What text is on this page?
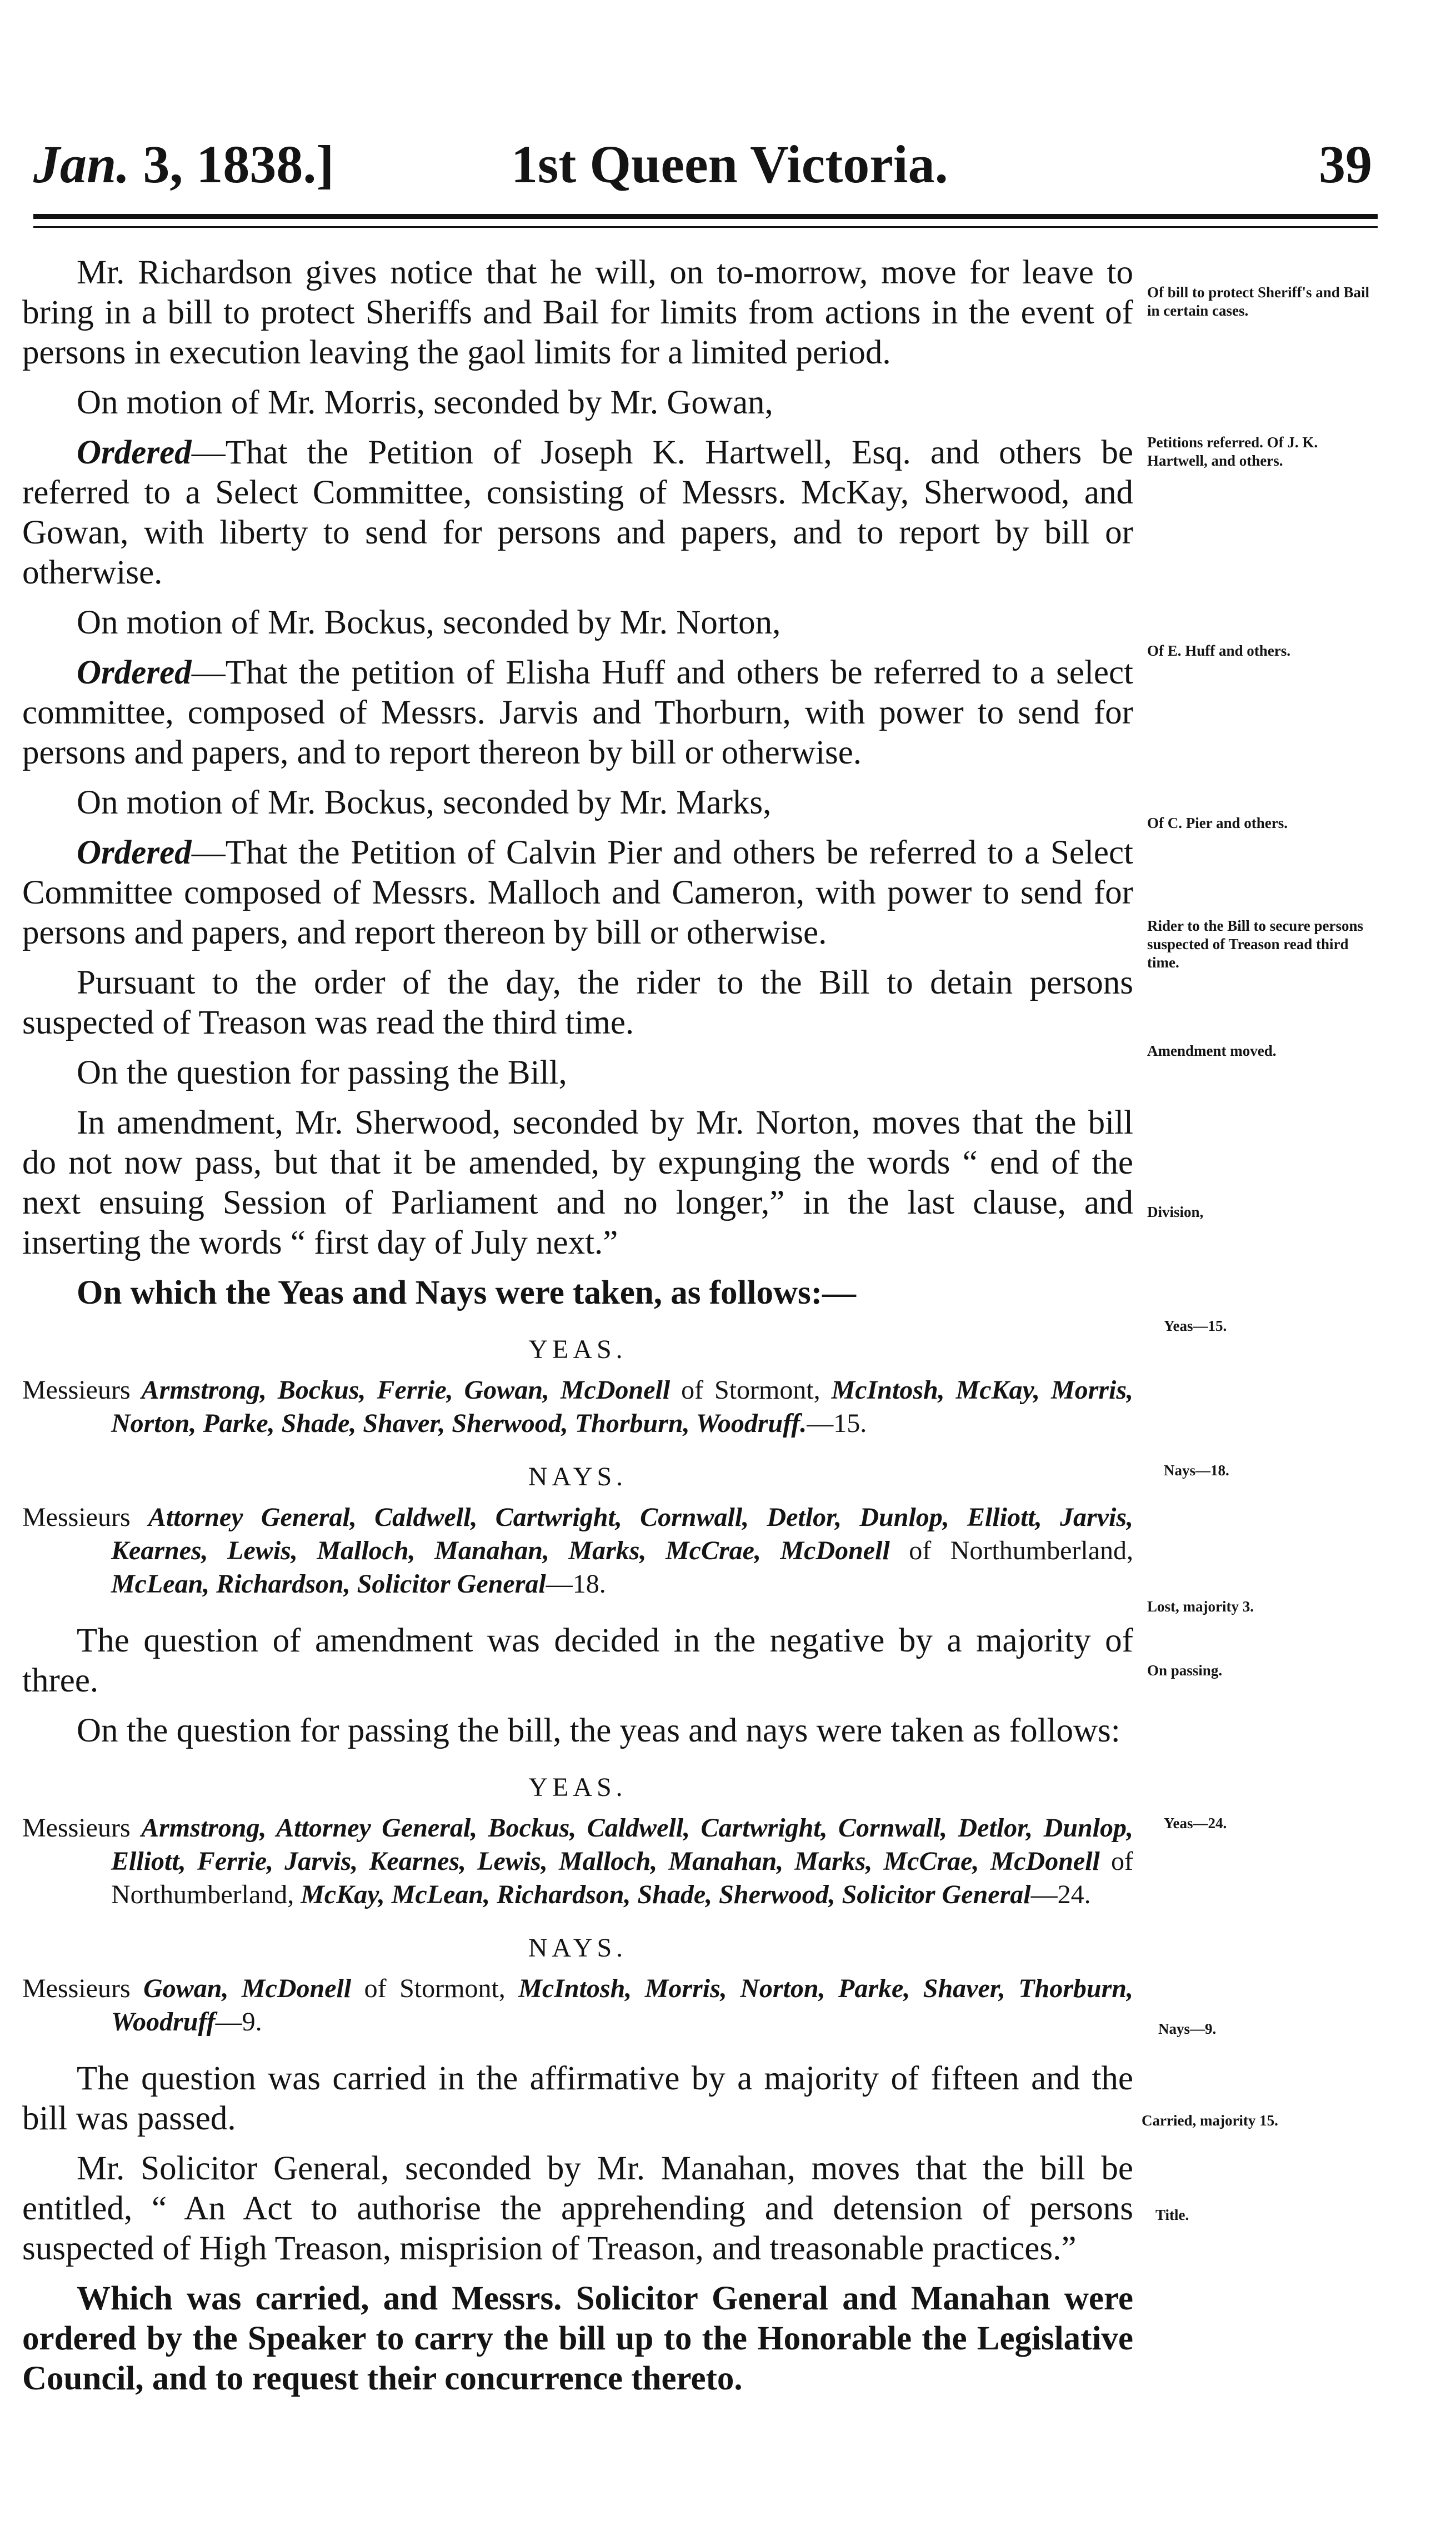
Jan. 3, 1838.]	1st Queen Victoria.	39

Mr. Richardson gives notice that he will, on to-morrow, move for leave to bring in a bill to protect Sheriffs and Bail for limits from actions in the event of persons in execution leaving the gaol limits for a limited period.

On motion of Mr. Morris, seconded by Mr. Gowan,

Ordered—That the Petition of Joseph K. Hartwell, Esq. and others be referred to a Select Committee, consisting of Messrs. McKay, Sherwood, and Gowan, with liberty to send for persons and papers, and to report by bill or otherwise.

On motion of Mr. Bockus, seconded by Mr. Norton,

Ordered—That the petition of Elisha Huff and others be referred to a select committee, composed of Messrs. Jarvis and Thorburn, with power to send for persons and papers, and to report thereon by bill or otherwise.

On motion of Mr. Bockus, seconded by Mr. Marks,

Ordered—That the Petition of Calvin Pier and others be referred to a Select Committee composed of Messrs. Malloch and Cameron, with power to send for persons and papers, and report thereon by bill or otherwise.

Pursuant to the order of the day, the rider to the Bill to detain persons suspected of Treason was read the third time.

On the question for passing the Bill,

In amendment, Mr. Sherwood, seconded by Mr. Norton, moves that the bill do not now pass, but that it be amended, by expunging the words “ end of the next ensuing Session of Parliament and no longer,” in the last clause, and inserting the words “ first day of July next.”

On which the Yeas and Nays were taken, as follows:—

YEAS.

Messieurs Armstrong, Bockus, Ferrie, Gowan, McDonell of Stormont, McIntosh, McKay, Morris, Norton, Parke, Shade, Shaver, Sherwood, Thorburn, Woodruff.—15.

NAYS.

Messieurs Attorney General, Caldwell, Cartwright, Cornwall, Detlor, Dunlop, Elliott, Jarvis, Kearnes, Lewis, Malloch, Manahan, Marks, McCrae, McDonell of Northumberland, McLean, Richardson, Solicitor General—18.

The question of amendment was decided in the negative by a majority of three.

On the question for passing the bill, the yeas and nays were taken as follows:

YEAS.

Messieurs Armstrong, Attorney General, Bockus, Caldwell, Cartwright, Cornwall, Detlor, Dunlop, Elliott, Ferrie, Jarvis, Kearnes, Lewis, Malloch, Manahan, Marks, McCrae, McDonell of Northumberland, McKay, McLean, Richardson, Shade, Sherwood, Solicitor General—24.

NAYS.

Messieurs Gowan, McDonell of Stormont, McIntosh, Morris, Norton, Parke, Shaver, Thorburn, Woodruff—9.

The question was carried in the affirmative by a majority of fifteen and the bill was passed.

Mr. Solicitor General, seconded by Mr. Manahan, moves that the bill be entitled, “ An Act to authorise the apprehending and detension of persons suspected of High Treason, misprision of Treason, and treasonable practices.”

Which was carried, and Messrs. Solicitor General and Manahan were ordered by the Speaker to carry the bill up to the Honorable the Legislative Council, and to request their concurrence thereto.

Of bill to protect Sheriff's and Bail in certain cases.
Petitions referred. Of J. K. Hartwell, and others.
Of E. Huff and others.
Of C. Pier and others.
Rider to the Bill to secure persons suspected of Treason read third time.
Amendment moved.
Division,
Yeas—15.
Nays—18.
Lost, majority 3.
On passing.
Yeas—24.
Nays—9.
Carried, majority 15.
Title.
